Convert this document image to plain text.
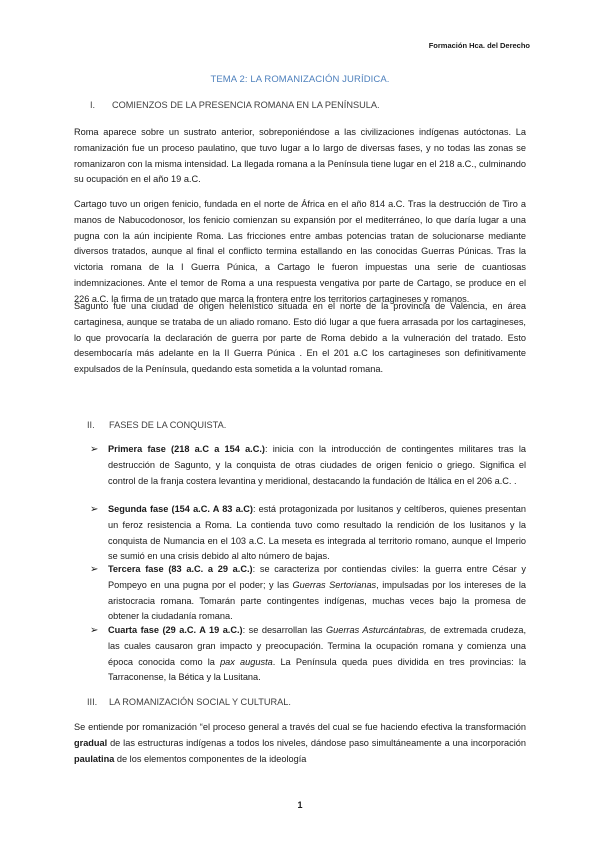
Formación Hca. del Derecho
TEMA 2: LA ROMANIZACIÓN JURÍDICA.
I. COMIENZOS DE LA PRESENCIA ROMANA EN LA PENÍNSULA.

Roma aparece sobre un sustrato anterior, sobreponiéndose a las civilizaciones indígenas autóctonas. La romanización fue un proceso paulatino, que tuvo lugar a lo largo de diversas fases, y no todas las zonas se romanizaron con la misma intensidad. La llegada romana a la Península tiene lugar en el 218 a.C., culminando su ocupación en el año 19 a.C.

Cartago tuvo un origen fenicio, fundada en el norte de África en el año 814 a.C. Tras la destrucción de Tiro a manos de Nabucodonosor, los fenicio comienzan su expansión por el mediterráneo, lo que daría lugar a una pugna con la aún incipiente Roma. Las fricciones entre ambas potencias tratan de solucionarse mediante diversos tratados, aunque al final el conflicto termina estallando en las conocidas Guerras Púnicas. Tras la victoria romana de la I Guerra Púnica, a Cartago le fueron impuestas una serie de cuantiosas indemnizaciones. Ante el temor de Roma a una respuesta vengativa por parte de Cartago, se produce en el 226 a.C. la firma de un tratado que marca la frontera entre los territorios cartagineses y romanos.

Sagunto fue una ciudad de origen helenístico situada en el norte de la provincia de Valencia, en área cartaginesa, aunque se trataba de un aliado romano. Esto dió lugar a que fuera arrasada por los cartagineses, lo que provocaría la declaración de guerra por parte de Roma debido a la vulneración del tratado. Esto desembocaría más adelante en la II Guerra Púnica . En el 201 a.C los cartagineses son definitivamente expulsados de la Península, quedando esta sometida a la voluntad romana.

II. FASES DE LA CONQUISTA.

➢ Primera fase (218 a.C a 154 a.C.): inicia con la introducción de contingentes militares tras la destrucción de Sagunto, y la conquista de otras ciudades de origen fenicio o griego. Significa el control de la franja costera levantina y meridional, destacando la fundación de Itálica en el 206 a.C. .

➢ Segunda fase (154 a.C. A 83 a.C): está protagonizada por lusitanos y celtíberos, quienes presentan un feroz resistencia a Roma. La contienda tuvo como resultado la rendición de los lusitanos y la conquista de Numancia en el 103 a.C. La meseta es integrada al territorio romano, aunque el Imperio se sumió en una crisis debido al alto número de bajas.

➢ Tercera fase (83 a.C. a 29 a.C.): se caracteriza por contiendas civiles: la guerra entre César y Pompeyo en una pugna por el poder; y las Guerras Sertorianas, impulsadas por los intereses de la aristocracia romana. Tomarán parte contingentes indígenas, muchas veces bajo la promesa de obtener la ciudadanía romana.

➢ Cuarta fase (29 a.C. A 19 a.C.): se desarrollan las Guerras Asturcántabras, de extremada crudeza, las cuales causaron gran impacto y preocupación. Termina la ocupación romana y comienza una época conocida como la pax augusta. La Península queda pues dividida en tres provincias: la Tarraconense, la Bética y la Lusitana.

III. LA ROMANIZACIÓN SOCIAL Y CULTURAL.

Se entiende por romanización “el proceso general a través del cual se fue haciendo efectiva la transformación gradual de las estructuras indígenas a todos los niveles, dándose paso simultáneamente a una incorporación paulatina de los elementos componentes de la ideología

1
